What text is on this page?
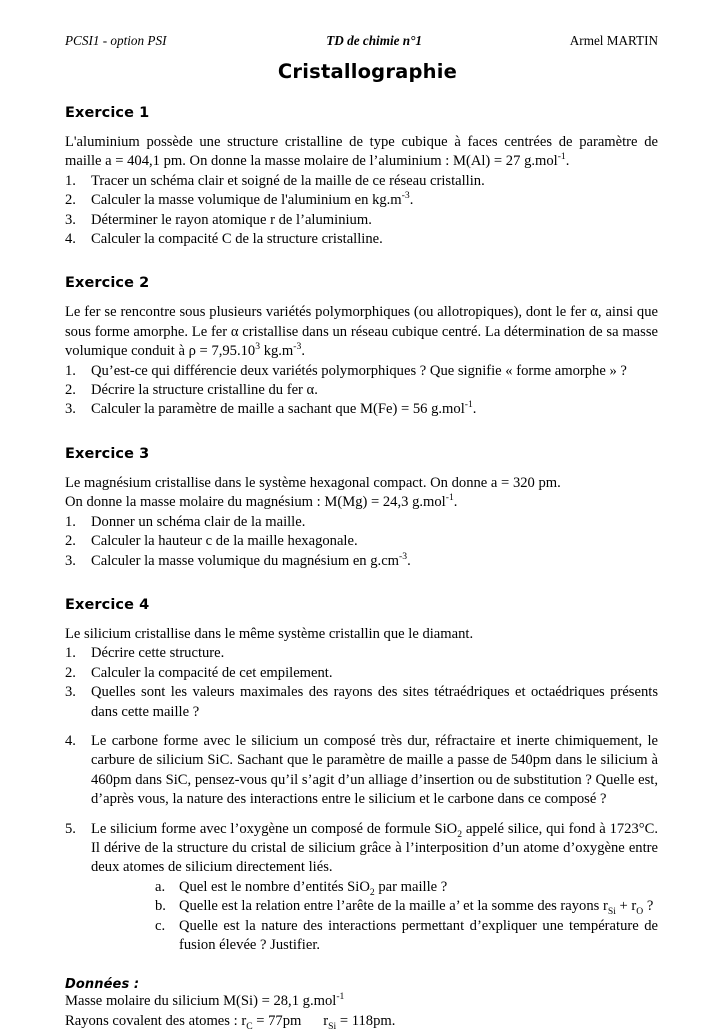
PCSI1 - option PSI	TD de chimie n°1	Armel MARTIN
Cristallographie
Exercice 1
L'aluminium possède une structure cristalline de type cubique à faces centrées de paramètre de maille a = 404,1 pm. On donne la masse molaire de l’aluminium : M(Al) = 27 g.mol$^{-1}$.
1. Tracer un schéma clair et soigné de la maille de ce réseau cristallin.
2. Calculer la masse volumique de l'aluminium en $kg.m^{-3}$.
3. Déterminer le rayon atomique r de l’aluminium.
4. Calculer la compacité C de la structure cristalline.
Exercice 2
Le fer se rencontre sous plusieurs variétés polymorphiques (ou allotropiques), dont le fer α, ainsi que sous forme amorphe. Le fer α cristallise dans un réseau cubique centré. La détermination de sa masse volumique conduit à $\rho = 7,95.10^3$ $kg.m^{-3}$.
1. Qu’est-ce qui différencie deux variétés polymorphiques ? Que signifie « forme amorphe » ?
2. Décrire la structure cristalline du fer α.
3. Calculer la paramètre de maille a sachant que M(Fe) = 56 g.mol$^{-1}$.
Exercice 3
Le magnésium cristallise dans le système hexagonal compact. On donne a = 320 pm.
On donne la masse molaire du magnésium : M(Mg) = 24,3 g.mol$^{-1}$.
1. Donner un schéma clair de la maille.
2. Calculer la hauteur c de la maille hexagonale.
3. Calculer la masse volumique du magnésium en $g.cm^{-3}$.
Exercice 4
Le silicium cristallise dans le même système cristallin que le diamant.
1. Décrire cette structure.
2. Calculer la compacité de cet empilement.
3. Quelles sont les valeurs maximales des rayons des sites tétraédriques et octaédriques présents dans cette maille ?
4. Le carbone forme avec le silicium un composé très dur, réfractaire et inerte chimiquement, le carbure de silicium SiC. Sachant que le paramètre de maille a passe de 540pm dans le silicium à 460pm dans SiC, pensez-vous qu’il s’agit d’un alliage d’insertion ou de substitution ? Quelle est, d’après vous, la nature des interactions entre le silicium et le carbone dans ce composé ?
5. Le silicium forme avec l’oxygène un composé de formule SiO$_2$ appelé silice, qui fond à 1723°C. Il dérive de la structure du cristal de silicium grâce à l’interposition d’un atome d’oxygène entre deux atomes de silicium directement liés.
a. Quel est le nombre d’entités SiO$_2$ par maille ?
b. Quelle est la relation entre l’arête de la maille a’ et la somme des rayons $r_{Si} + r_O$ ?
c. Quelle est la nature des interactions permettant d’expliquer une température de fusion élevée ? Justifier.
Données :
Masse molaire du silicium M(Si) = 28,1 g.mol$^{-1}$
Rayons covalent des atomes : $r_C = 77pm$ $r_{Si} = 118pm$.
